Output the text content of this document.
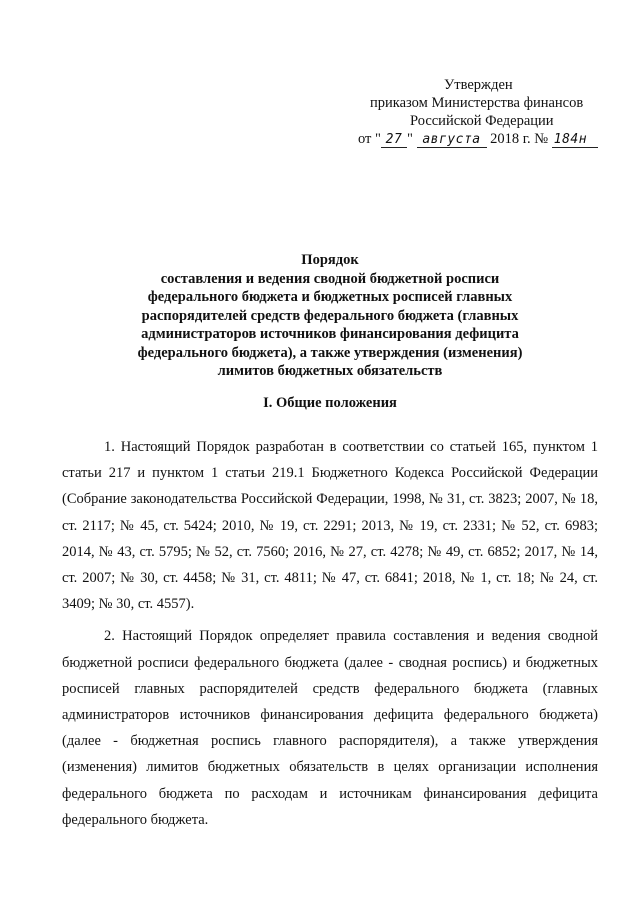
Утвержден
приказом Министерства финансов
Российской Федерации
от " 27 " августа 2018 г. № 184н
Порядок
составления и ведения сводной бюджетной росписи
федерального бюджета и бюджетных росписей главных
распорядителей средств федерального бюджета (главных
администраторов источников финансирования дефицита
федерального бюджета), а также утверждения (изменения)
лимитов бюджетных обязательств
I. Общие положения

1. Настоящий Порядок разработан в соответствии со статьей 165, пунктом 1 статьи 217 и пунктом 1 статьи 219.1 Бюджетного Кодекса Российской Федерации (Собрание законодательства Российской Федерации, 1998, № 31, ст. 3823; 2007, № 18, ст. 2117; № 45, ст. 5424; 2010, № 19, ст. 2291; 2013, № 19, ст. 2331; № 52, ст. 6983; 2014, № 43, ст. 5795; № 52, ст. 7560; 2016, № 27, ст. 4278; № 49, ст. 6852; 2017, № 14, ст. 2007; № 30, ст. 4458; № 31, ст. 4811; № 47, ст. 6841; 2018, № 1, ст. 18; № 24, ст. 3409; № 30, ст. 4557).

2. Настоящий Порядок определяет правила составления и ведения сводной бюджетной росписи федерального бюджета (далее - сводная роспись) и бюджетных росписей главных распорядителей средств федерального бюджета (главных администраторов источников финансирования дефицита федерального бюджета) (далее - бюджетная роспись главного распорядителя), а также утверждения (изменения) лимитов бюджетных обязательств в целях организации исполнения федерального бюджета по расходам и источникам финансирования дефицита федерального бюджета.
